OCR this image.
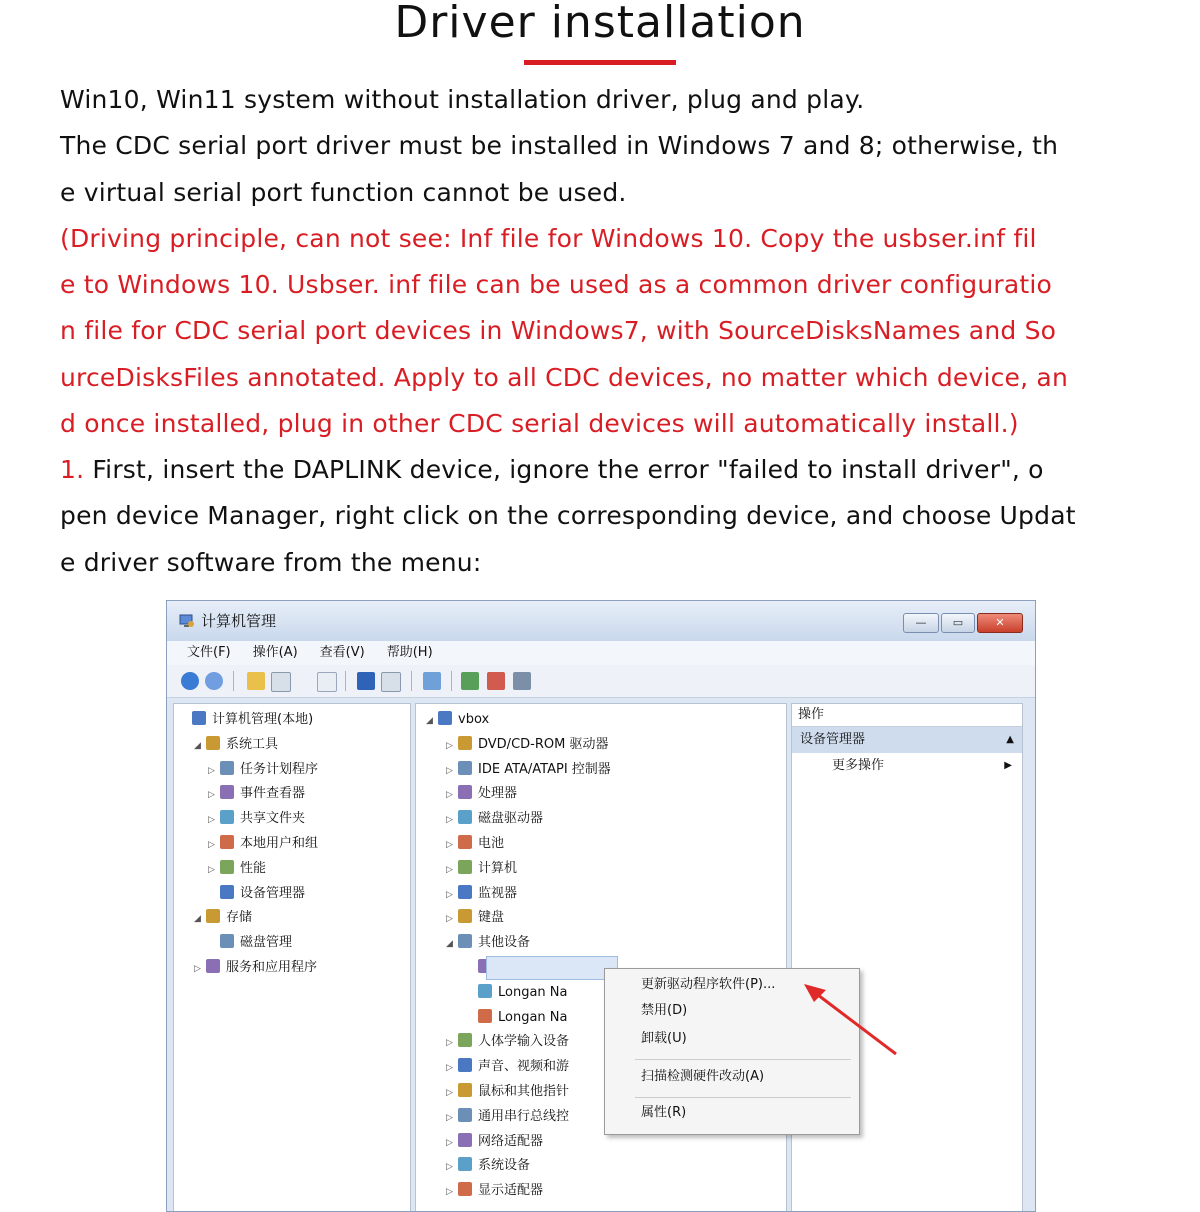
Driver installation
Win10, Win11 system without installation driver, plug and play.
The CDC serial port driver must be installed in Windows 7 and 8; otherwise, th
e virtual serial port function cannot be used.
(Driving principle, can not see: Inf file for Windows 10. Copy the usbser.inf fil
e to Windows 10. Usbser. inf file can be used as a common driver configuratio
n file for CDC serial port devices in Windows7, with SourceDisksNames and So
urceDisksFiles annotated. Apply to all CDC devices, no matter which device, an
d once installed, plug in other CDC serial devices will automatically install.)
1. First, insert the DAPLINK device, ignore the error "failed to install driver", o
pen device Manager, right click on the corresponding device, and choose Updat
e driver software from the menu:
计算机管理	—	▭	✕
文件(F) 操作(A) 查看(V) 帮助(H)
计算机管理(本地)
◢ 系统工具
▷ 任务计划程序
▷ 事件查看器
▷ 共享文件夹
▷ 本地用户和组
▷ 性能
设备管理器
◢ 存储
磁盘管理
▷ 服务和应用程序
◢ vbox
▷ DVD/CD-ROM 驱动器
▷ IDE ATA/ATAPI 控制器
▷ 处理器
▷ 磁盘驱动器
▷ 电池
▷ 计算机
▷ 监视器
▷ 键盘
◢ 其他设备
Longan Na
Longan Na
▷ 人体学输入设备
▷ 声音、视频和游
▷ 鼠标和其他指针
▷ 通用串行总线控
▷ 网络适配器
▷ 系统设备
▷ 显示适配器
操作
设备管理器	▲
更多操作	▶
更新驱动程序软件(P)...
禁用(D)
卸载(U)
扫描检测硬件改动(A)
属性(R)
